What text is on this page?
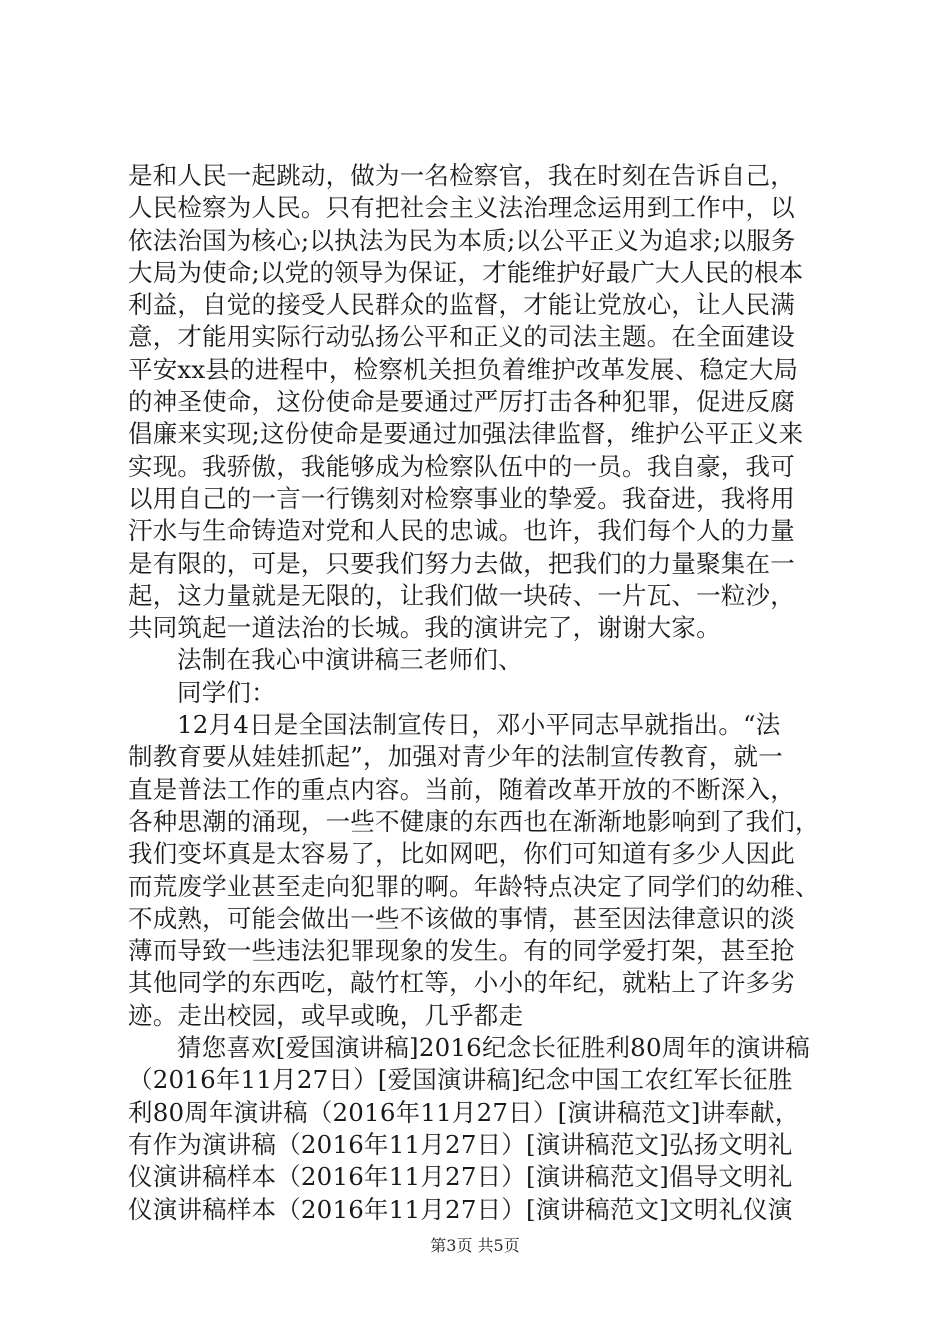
是和人民一起跳动，做为一名检察官，我在时刻在告诉自己，
人民检察为人民。只有把社会主义法治理念运用到工作中，以
依法治国为核心;以执法为民为本质;以公平正义为追求;以服务
大局为使命;以党的领导为保证，才能维护好最广大人民的根本
利益，自觉的接受人民群众的监督，才能让党放心，让人民满
意，才能用实际行动弘扬公平和正义的司法主题。在全面建设
平安xx县的进程中，检察机关担负着维护改革发展、稳定大局
的神圣使命，这份使命是要通过严厉打击各种犯罪，促进反腐
倡廉来实现;这份使命是要通过加强法律监督，维护公平正义来
实现。我骄傲，我能够成为检察队伍中的一员。我自豪，我可
以用自己的一言一行镌刻对检察事业的挚爱。我奋进，我将用
汗水与生命铸造对党和人民的忠诚。也许，我们每个人的力量
是有限的，可是，只要我们努力去做，把我们的力量聚集在一
起，这力量就是无限的，让我们做一块砖、一片瓦、一粒沙，
共同筑起一道法治的长城。我的演讲完了，谢谢大家。
法制在我心中演讲稿三老师们、
同学们：
12月4日是全国法制宣传日，邓小平同志早就指出。“法
制教育要从娃娃抓起”，加强对青少年的法制宣传教育，就一
直是普法工作的重点内容。当前，随着改革开放的不断深入，
各种思潮的涌现，一些不健康的东西也在渐渐地影响到了我们，
我们变坏真是太容易了，比如网吧，你们可知道有多少人因此
而荒废学业甚至走向犯罪的啊。年龄特点决定了同学们的幼稚、
不成熟，可能会做出一些不该做的事情，甚至因法律意识的淡
薄而导致一些违法犯罪现象的发生。有的同学爱打架，甚至抢
其他同学的东西吃，敲竹杠等，小小的年纪，就粘上了许多劣
迹。走出校园，或早或晚，几乎都走
猜您喜欢[爱国演讲稿]2016纪念长征胜利80周年的演讲稿
（2016年11月27日）[爱国演讲稿]纪念中国工农红军长征胜
利80周年演讲稿（2016年11月27日）[演讲稿范文]讲奉献，
有作为演讲稿（2016年11月27日）[演讲稿范文]弘扬文明礼
仪演讲稿样本（2016年11月27日）[演讲稿范文]倡导文明礼
仪演讲稿样本（2016年11月27日）[演讲稿范文]文明礼仪演
第3页 共5页
